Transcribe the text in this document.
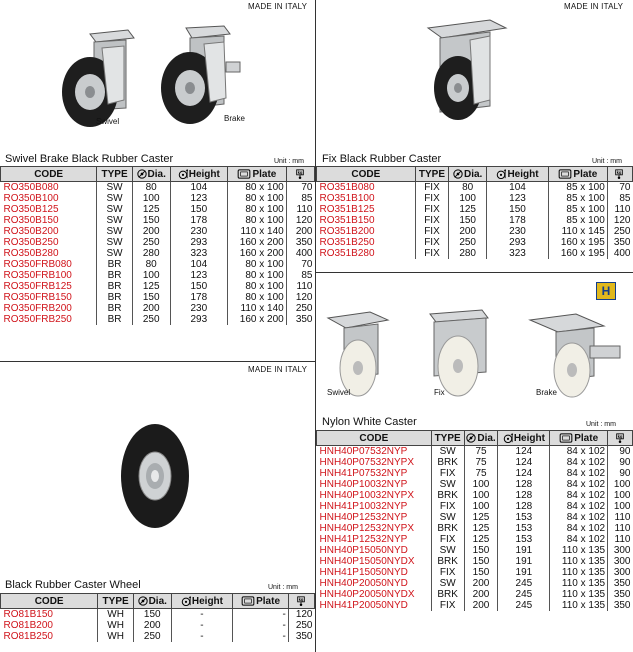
MADE IN ITALY
Swivel	Brake
Swivel Brake Black Rubber Caster	Unit : mm
CODE	TYPE	Dia.	Height	Plate	
RO350B080	SW	80	104	80 x 100	70
RO350B100	SW	100	123	80 x 100	85
RO350B125	SW	125	150	80 x 100	110
RO350B150	SW	150	178	80 x 100	120
RO350B200	SW	200	230	110 x 140	200
RO350B250	SW	250	293	160 x 200	350
RO350B280	SW	280	323	160 x 200	400
RO350FRB080	BR	80	104	80 x 100	70
RO350FRB100	BR	100	123	80 x 100	85
RO350FRB125	BR	125	150	80 x 100	110
RO350FRB150	BR	150	178	80 x 100	120
RO350FRB200	BR	200	230	110 x 140	250
RO350FRB250	BR	250	293	160 x 200	350
MADE IN ITALY
Fix Black Rubber Caster	Unit : mm
CODE	TYPE	Dia.	Height	Plate	
RO351B080	FIX	80	104	85 x 100	70
RO351B100	FIX	100	123	85 x 100	85
RO351B125	FIX	125	150	85 x 100	110
RO351B150	FIX	150	178	85 x 100	120
RO351B200	FIX	200	230	110 x 145	250
RO351B250	FIX	250	293	160 x 195	350
RO351B280	FIX	280	323	160 x 195	400
H
Swivel	Fix	Brake
Nylon White Caster	Unit : mm
CODE	TYPE	Dia.	Height	Plate	
HNH40P07532NYP	SW	75	124	84 x 102	90
HNH40P07532NYPX	BRK	75	124	84 x 102	90
HNH41P07532NYP	FIX	75	124	84 x 102	90
HNH40P10032NYP	SW	100	128	84 x 102	100
HNH40P10032NYPX	BRK	100	128	84 x 102	100
HNH41P10032NYP	FIX	100	128	84 x 102	100
HNH40P12532NYP	SW	125	153	84 x 102	110
HNH40P12532NYPX	BRK	125	153	84 x 102	110
HNH41P12532NYP	FIX	125	153	84 x 102	110
HNH40P15050NYD	SW	150	191	110 x 135	300
HNH40P15050NYDX	BRK	150	191	110 x 135	300
HNH41P15050NYD	FIX	150	191	110 x 135	300
HNH40P20050NYD	SW	200	245	110 x 135	350
HNH40P20050NYDX	BRK	200	245	110 x 135	350
HNH41P20050NYD	FIX	200	245	110 x 135	350
MADE IN ITALY
Black Rubber Caster Wheel	Unit : mm
CODE	TYPE	Dia.	Height	Plate	
RO81B150	WH	150	-	-	120
RO81B200	WH	200	-	-	250
RO81B250	WH	250	-	-	350
